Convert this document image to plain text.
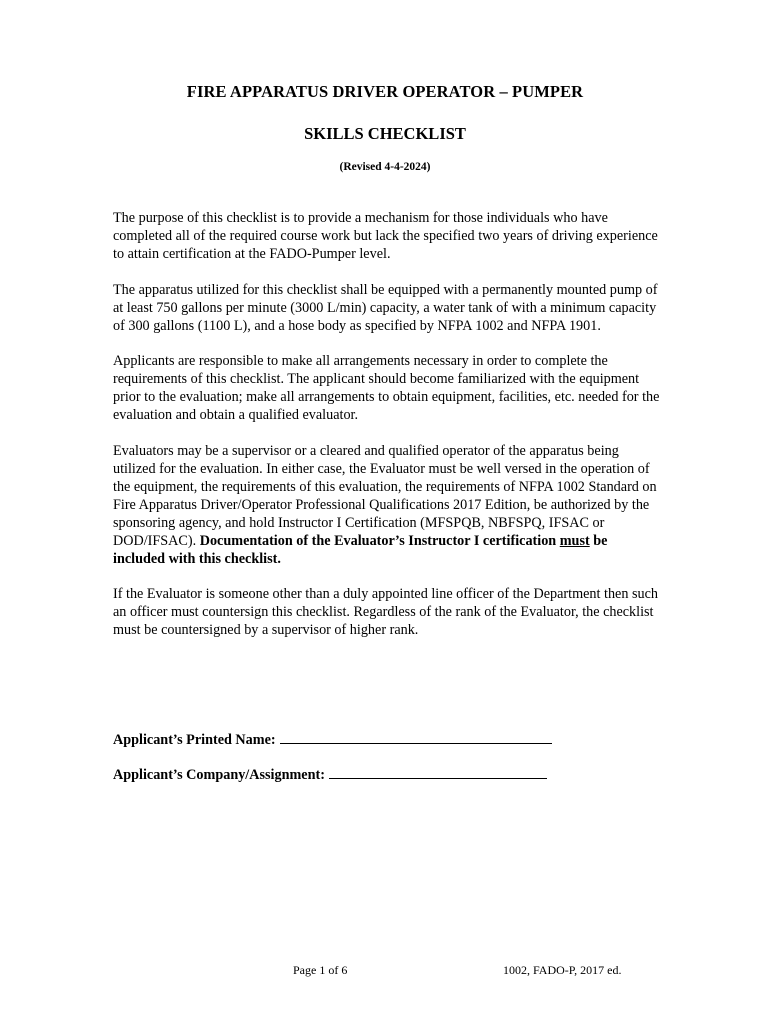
FIRE APPARATUS DRIVER OPERATOR – PUMPER
SKILLS CHECKLIST
(Revised 4-4-2024)

The purpose of this checklist is to provide a mechanism for those individuals who have completed all of the required course work but lack the specified two years of driving experience to attain certification at the FADO-Pumper level.

The apparatus utilized for this checklist shall be equipped with a permanently mounted pump of at least 750 gallons per minute (3000 L/min) capacity, a water tank of with a minimum capacity of 300 gallons (1100 L), and a hose body as specified by NFPA 1002 and NFPA 1901.

Applicants are responsible to make all arrangements necessary in order to complete the requirements of this checklist. The applicant should become familiarized with the equipment prior to the evaluation; make all arrangements to obtain equipment, facilities, etc. needed for the evaluation and obtain a qualified evaluator.

Evaluators may be a supervisor or a cleared and qualified operator of the apparatus being utilized for the evaluation. In either case, the Evaluator must be well versed in the operation of the equipment, the requirements of this evaluation, the requirements of NFPA 1002 Standard on Fire Apparatus Driver/Operator Professional Qualifications 2017 Edition, be authorized by the sponsoring agency, and hold Instructor I Certification (MFSPQB, NBFSPQ, IFSAC or DOD/IFSAC). Documentation of the Evaluator’s Instructor I certification must be included with this checklist.

If the Evaluator is someone other than a duly appointed line officer of the Department then such an officer must countersign this checklist. Regardless of the rank of the Evaluator, the checklist must be countersigned by a supervisor of higher rank.

Applicant’s Printed Name:
Applicant’s Company/Assignment:
Page 1 of 6	1002, FADO-P, 2017 ed.
